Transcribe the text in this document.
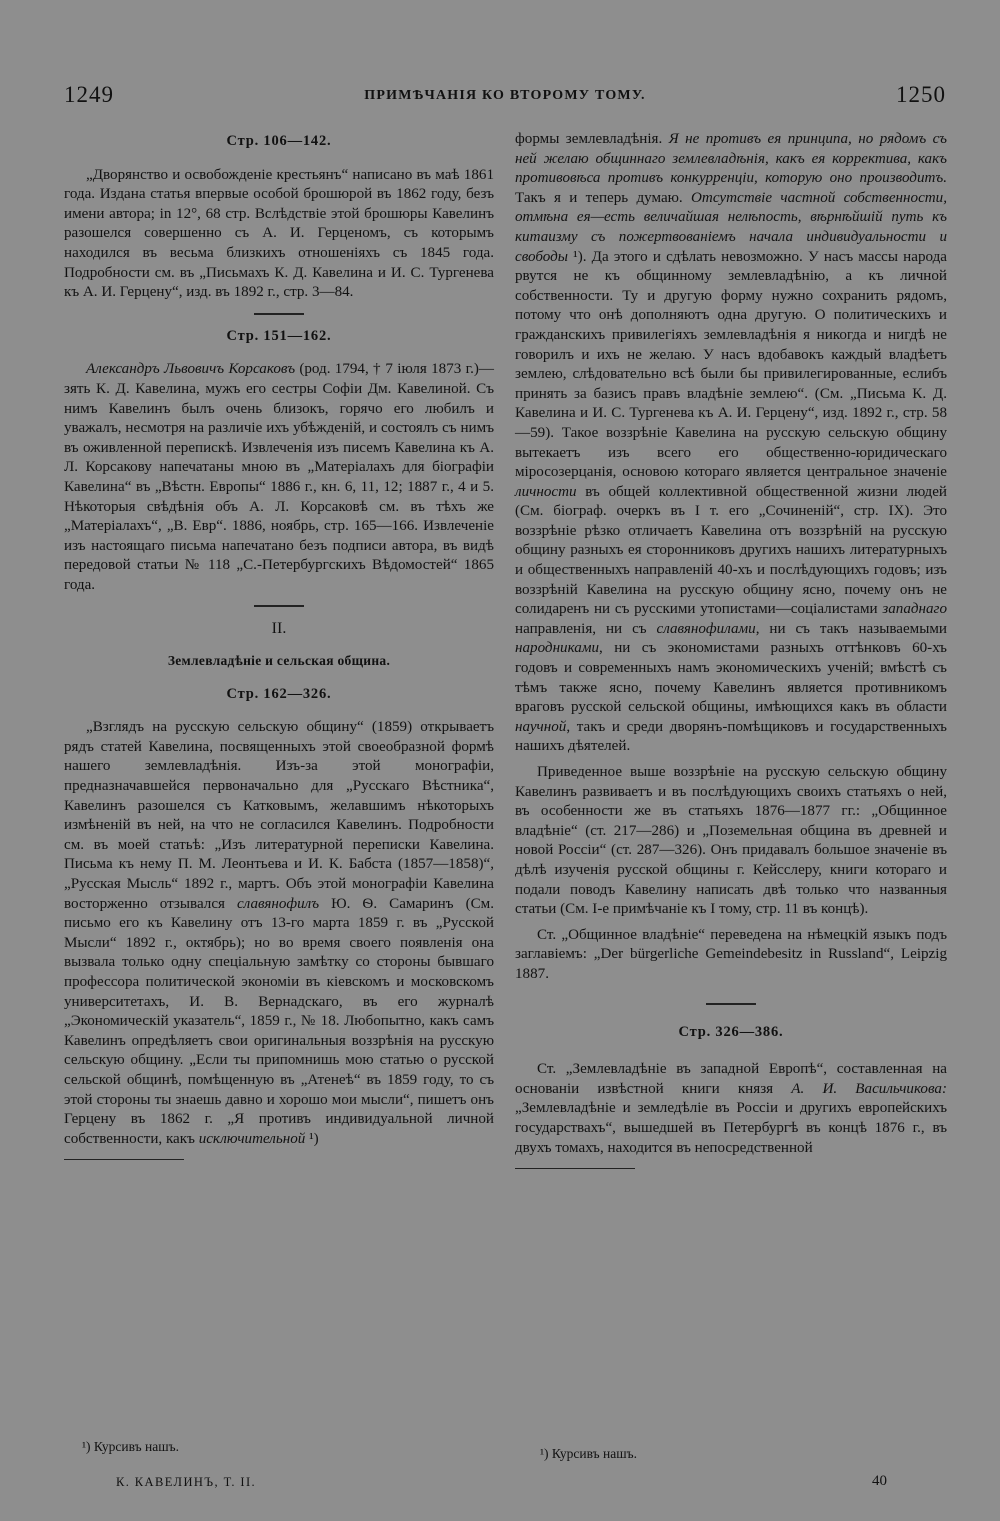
1249	ПРИМѢЧАНІЯ КО ВТОРОМУ ТОМУ.	1250
Стр. 106—142.

„Дворянство и освобожденіе крестьянъ“ написано въ маѣ 1861 года. Издана статья впервые особой брошюрой въ 1862 году, безъ имени автора; in 12°, 68 стр. Вслѣдствіе этой брошюры Кавелинъ разошелся совершенно съ А. И. Герценомъ, съ которымъ находился въ весьма близкихъ отношеніяхъ съ 1845 года. Подробности см. въ „Письмахъ К. Д. Кавелина и И. С. Тургенева къ А. И. Герцену“, изд. въ 1892 г., стр. 3—84.

Стр. 151—162.

Александръ Львовичъ Корсаковъ (род. 1794, † 7 іюля 1873 г.)—зять К. Д. Кавелина, мужъ его сестры Софіи Дм. Кавелиной. Съ нимъ Кавелинъ былъ очень близокъ, горячо его любилъ и уважалъ, несмотря на различіе ихъ убѣжденій, и состоялъ съ нимъ въ оживленной перепискѣ. Извлеченія изъ писемъ Кавелина къ А. Л. Корсакову напечатаны мною въ „Матеріалахъ для біографіи Кавелина“ въ „Вѣстн. Европы“ 1886 г., кн. 6, 11, 12; 1887 г., 4 и 5. Нѣкоторыя свѣдѣнія объ А. Л. Корсаковѣ см. въ тѣхъ же „Матеріалахъ“, „В. Евр“. 1886, ноябрь, стр. 165—166. Извлеченіе изъ настоящаго письма напечатано безъ подписи автора, въ видѣ передовой статьи № 118 „С.-Петербургскихъ Вѣдомостей“ 1865 года.

II.
Землевладѣніе и сельская община.
Стр. 162—326.

„Взглядъ на русскую сельскую общину“ (1859) открываетъ рядъ статей Кавелина, посвященныхъ этой своеобразной формѣ нашего землевладѣнія. Изъ-за этой монографіи, предназначавшейся первоначально для „Русскаго Вѣстника“, Кавелинъ разошелся съ Катковымъ, желавшимъ нѣкоторыхъ измѣненій въ ней, на что не согласился Кавелинъ. Подробности см. въ моей статьѣ: „Изъ литературной переписки Кавелина. Письма къ нему П. М. Леонтьева и И. К. Бабста (1857—1858)“, „Русская Мысль“ 1892 г., мартъ. Объ этой монографіи Кавелина восторженно отзывался славянофилъ Ю. Ѳ. Самаринъ (См. письмо его къ Кавелину отъ 13-го марта 1859 г. въ „Русской Мысли“ 1892 г., октябрь); но во время своего появленія она вызвала только одну спеціальную замѣтку со стороны бывшаго профессора политической экономіи въ кіевскомъ и московскомъ университетахъ, И. В. Вернадскаго, въ его журналѣ „Экономическій указатель“, 1859 г., № 18. Любопытно, какъ самъ Кавелинъ опредѣляетъ свои оригинальныя воззрѣнія на русскую сельскую общину. „Если ты припомнишь мою статью о русской сельской общинѣ, помѣщенную въ „Атенеѣ“ въ 1859 году, то съ этой стороны ты знаешь давно и хорошо мои мысли“, пишетъ онъ Герцену въ 1862 г. „Я противъ индивидуальной личной собственности, какъ исключительной ¹)

формы землевладѣнія. Я не противъ ея принципа, но рядомъ съ ней желаю общиннаго землевладѣнія, какъ ея корректива, какъ противовѣса противъ конкурренціи, которую оно производитъ. Такъ я и теперь думаю. Отсутствіе частной собственности, отмѣна ея—есть величайшая нелѣпость, вѣрнѣйшій путь къ китаизму съ пожертвованіемъ начала индивидуальности и свободы ¹). Да этого и сдѣлать невозможно. У насъ массы народа рвутся не къ общинному землевладѣнію, а къ личной собственности. Ту и другую форму нужно сохранить рядомъ, потому что онѣ дополняютъ одна другую. О политическихъ и гражданскихъ привилегіяхъ землевладѣнія я никогда и нигдѣ не говорилъ и ихъ не желаю. У насъ вдобавокъ каждый владѣетъ землею, слѣдовательно всѣ были бы привилегированные, еслибъ принять за базисъ правъ владѣніе землею“. (См. „Письма К. Д. Кавелина и И. С. Тургенева къ А. И. Герцену“, изд. 1892 г., стр. 58—59). Такое воззрѣніе Кавелина на русскую сельскую общину вытекаетъ изъ всего его общественно-юридическаго міросозерцанія, основою котораго является центральное значеніе личности въ общей коллективной общественной жизни людей (См. біограф. очеркъ въ I т. его „Сочиненій“, стр. IX). Это воззрѣніе рѣзко отличаетъ Кавелина отъ воззрѣній на русскую общину разныхъ ея сторонниковъ другихъ нашихъ литературныхъ и общественныхъ направленій 40-хъ и послѣдующихъ годовъ; изъ воззрѣній Кавелина на русскую общину ясно, почему онъ не солидаренъ ни съ русскими утопистами—соціалистами западнаго направленія, ни съ славянофилами, ни съ такъ называемыми народниками, ни съ экономистами разныхъ оттѣнковъ 60-хъ годовъ и современныхъ намъ экономическихъ ученій; вмѣстѣ съ тѣмъ также ясно, почему Кавелинъ является противникомъ враговъ русской сельской общины, имѣющихся какъ въ области научной, такъ и среди дворянъ-помѣщиковъ и государственныхъ нашихъ дѣятелей.

Приведенное выше воззрѣніе на русскую сельскую общину Кавелинъ развиваетъ и въ послѣдующихъ своихъ статьяхъ о ней, въ особенности же въ статьяхъ 1876—1877 гг.: „Общинное владѣніе“ (ст. 217—286) и „Поземельная община въ древней и новой Россіи“ (ст. 287—326). Онъ придавалъ большое значеніе въ дѣлѣ изученія русской общины г. Кейсслеру, книги котораго и подали поводъ Кавелину написать двѣ только что названныя статьи (См. I-е примѣчаніе къ I тому, стр. 11 въ концѣ).

Ст. „Общинное владѣніе“ переведена на нѣмецкій языкъ подъ заглавіемъ: „Der bürgerliche Gemeindebesitz in Russland“, Leipzig 1887.

Стр. 326—386.

Ст. „Землевладѣніе въ западной Европѣ“, составленная на основаніи извѣстной книги князя А. И. Васильчикова: „Землевладѣніе и земледѣліе въ Россіи и другихъ европейскихъ государствахъ“, вышедшей въ Петербургѣ въ концѣ 1876 г., въ двухъ томахъ, находится въ непосредственной

¹) Курсивъ нашъ.	¹) Курсивъ нашъ.
К. КАВЕЛИНЪ, Т. II.	40
